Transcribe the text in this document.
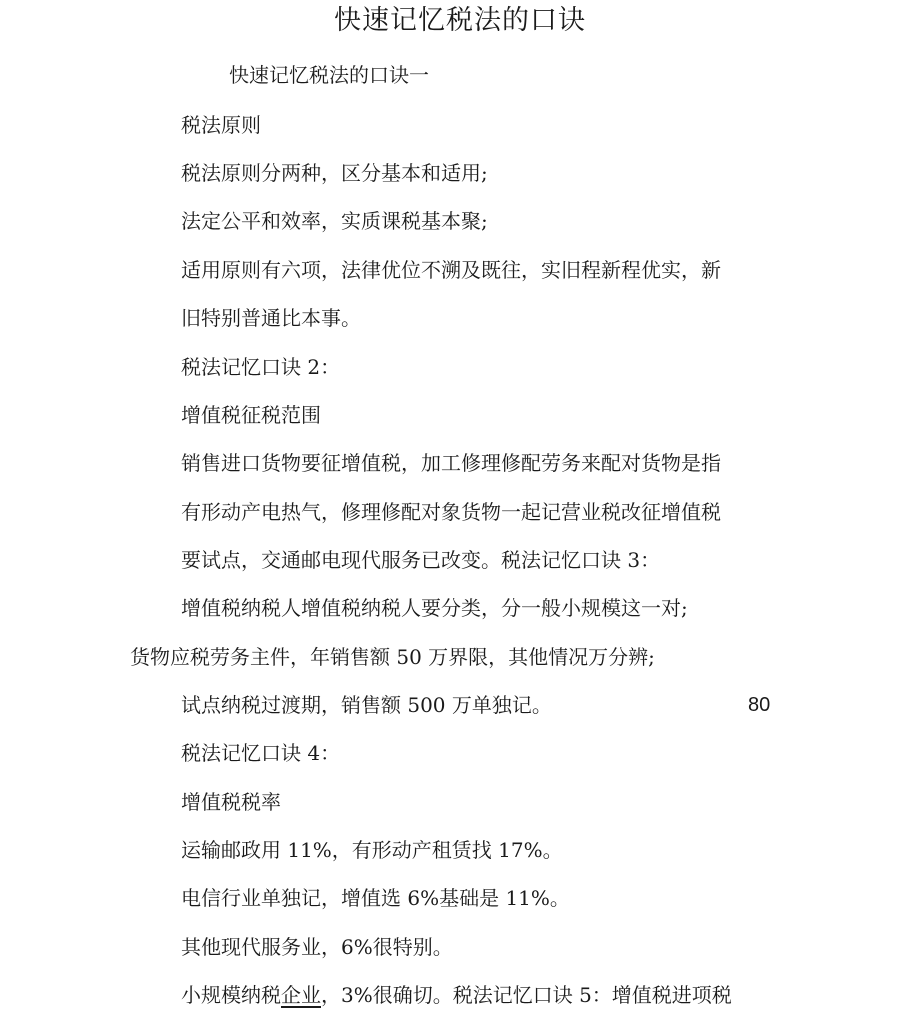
快速记忆税法的口诀
快速记忆税法的口诀一
税法原则
税法原则分两种，区分基本和适用;
法定公平和效率，实质课税基本聚;
适用原则有六项，法律优位不溯及既往，实旧程新程优实，新
旧特别普通比本事。
税法记忆口诀 2：
增值税征税范围
销售进口货物要征增值税，加工修理修配劳务来配对货物是指
有形动产电热气，修理修配对象货物一起记营业税改征增值税
要试点，交通邮电现代服务已改变。税法记忆口诀 3：
增值税纳税人增值税纳税人要分类，分一般小规模这一对;
货物应税劳务主件，年销售额 50 万界限，其他情况万分辨;
试点纳税过渡期，销售额 500 万单独记。	80
税法记忆口诀 4：
增值税税率
运输邮政用 11%，有形动产租赁找 17%。
电信行业单独记，增值选 6%基础是 11%。
其他现代服务业，6%很特别。
小规模纳税企业，3%很确切。税法记忆口诀 5：增值税进项税
